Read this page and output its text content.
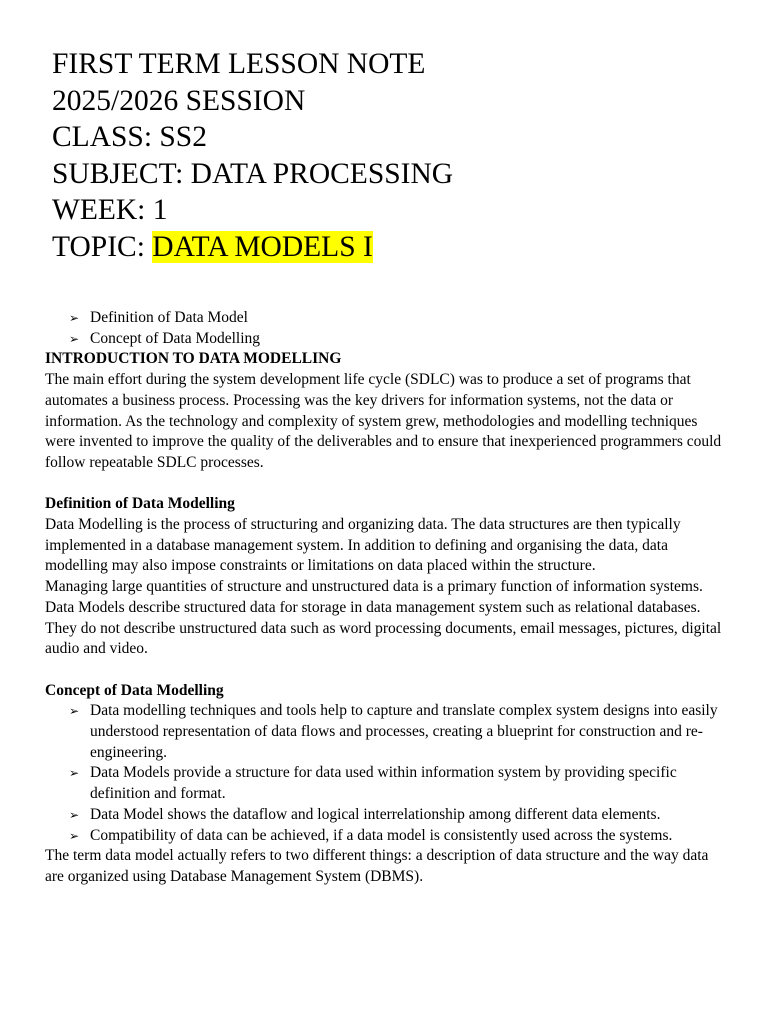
FIRST TERM LESSON NOTE
2025/2026 SESSION
CLASS: SS2
SUBJECT: DATA PROCESSING
WEEK: 1
TOPIC: DATA MODELS I
➢ Definition of Data Model
➢ Concept of Data Modelling

INTRODUCTION TO DATA MODELLING

The main effort during the system development life cycle (SDLC) was to produce a set of programs that automates a business process. Processing was the key drivers for information systems, not the data or information. As the technology and complexity of system grew, methodologies and modelling techniques were invented to improve the quality of the deliverables and to ensure that inexperienced programmers could follow repeatable SDLC processes.

Definition of Data Modelling

Data Modelling is the process of structuring and organizing data. The data structures are then typically implemented in a database management system. In addition to defining and organising the data, data modelling may also impose constraints or limitations on data placed within the structure.

Managing large quantities of structure and unstructured data is a primary function of information systems. Data Models describe structured data for storage in data management system such as relational databases. They do not describe unstructured data such as word processing documents, email messages, pictures, digital audio and video.

Concept of Data Modelling

➢ Data modelling techniques and tools help to capture and translate complex system designs into easily understood representation of data flows and processes, creating a blueprint for construction and re-engineering.
➢ Data Models provide a structure for data used within information system by providing specific definition and format.
➢ Data Model shows the dataflow and logical interrelationship among different data elements.
➢ Compatibility of data can be achieved, if a data model is consistently used across the systems.

The term data model actually refers to two different things: a description of data structure and the way data are organized using Database Management System (DBMS).
